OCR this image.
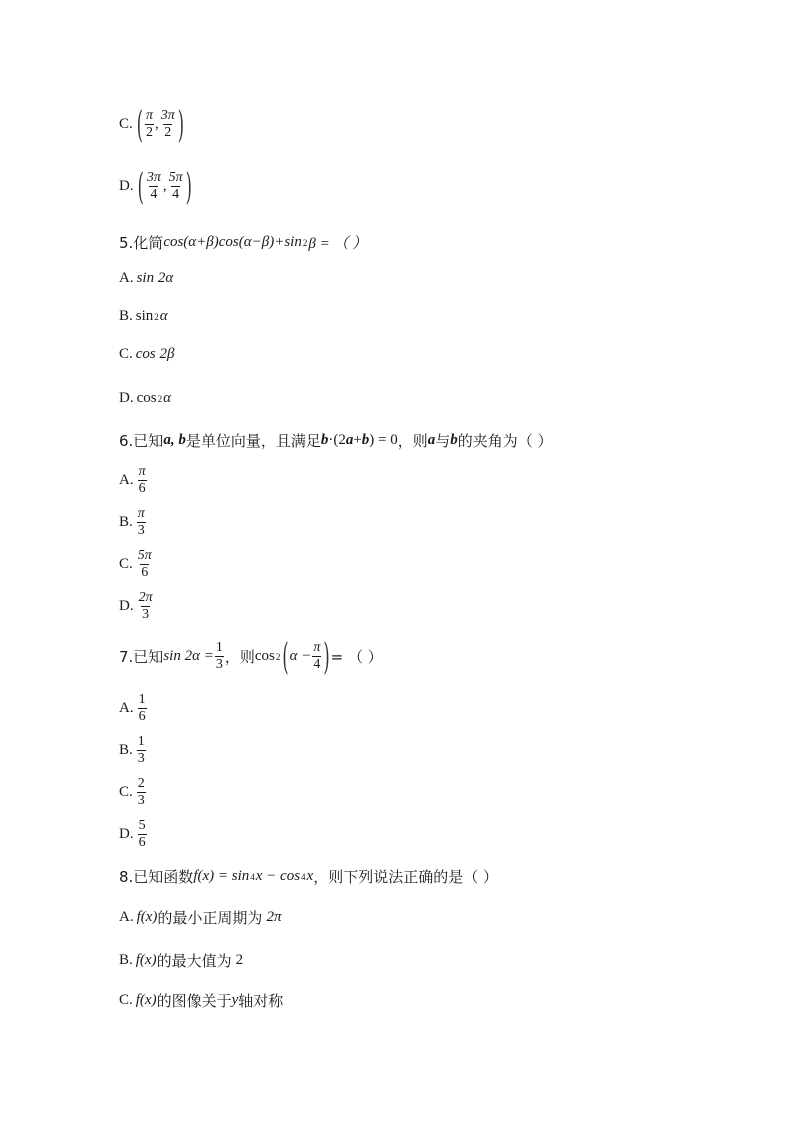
C. ( $\frac{\pi}{2}$ , $\frac{3\pi}{2}$ )
D. ( $\frac{3\pi}{4}$ , $\frac{5\pi}{4}$ )
5.化简 cos(α+β)cos(α−β)+sin 2 β = （ ）
A. sin 2α
B. sin 2 α
C. cos 2β
D. cos 2 α
6.已知 a, b 是单位向量，且满足 b ·(2 a + b ) = 0 ，则 a 与 b 的夹角为（ ）
A. $\frac{\pi}{6}$
B. $\frac{\pi}{3}$
C. $\frac{5\pi}{6}$
D. $\frac{2\pi}{3}$
7.已知 $\sin 2\alpha = \frac{1}{3}$ ，则 cos 2 ( $\alpha - \frac{\pi}{4}$ ) = （ ）
A. $\frac{1}{6}$
B. $\frac{1}{3}$
C. $\frac{2}{3}$
D. $\frac{5}{6}$
8.已知函数 f(x) = sin 4 x − cos 4 x ，则下列说法正确的是（ ）
A. f(x) 的最小正周期为 2π
B. f(x) 的最大值为 2
C. f(x) 的图像关于 y 轴对称
